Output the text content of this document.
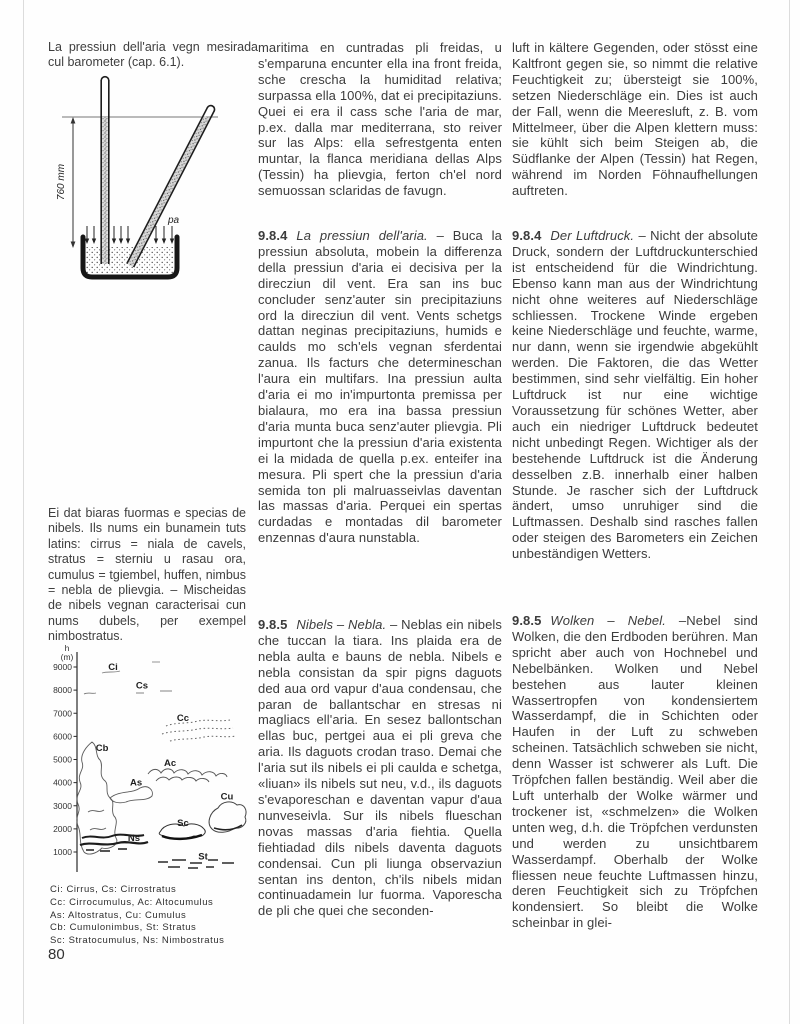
La pressiun dell'aria vegn mesirada cul barometer (cap. 6.1).
760 mm
pa
Ei dat biaras fuormas e specias de nibels. Ils nums ein bunamein tuts latins: cirrus = niala de cavels, stratus = sterniu u rasau ora, cumulus = tgiembel, huffen, nimbus = nebla de plievgia. – Mischeidas de nibels vegnan caracterisai cun nums dubels, per exempel nimbostratus.
h
(m)
1000
2000
3000
4000
5000
6000
7000
8000
9000	Ci
Cs
Cc
Cb
Ac
As
Cu
Sc
Ns
St
Ci: Cirrus, Cs: Cirrostratus
Cc: Cirrocumulus, Ac: Altocumulus
As: Altostratus, Cu: Cumulus
Cb: Cumulonimbus, St: Stratus
Sc: Stratocumulus, Ns: Nimbostratus
80
maritima en cuntradas pli freidas, u s'emparuna encunter ella ina front freida, sche crescha la humiditad relativa; surpassa ella 100%, dat ei precipitaziuns. Quei ei era il cass sche l'aria de mar, p.ex. dalla mar mediterrana, sto reiver sur las Alps: ella sefrestgenta enten muntar, la flanca meridiana dellas Alps (Tessin) ha plievgia, ferton ch'el nord semuossan sclaridas de favugn.
9.8.4 La pressiun dell'aria. – Buca la pressiun absoluta, mobein la differenza della pressiun d'aria ei decisiva per la direcziun dil vent. Era san ins buc concluder senz'auter sin precipitaziuns ord la direcziun dil vent. Vents schetgs dattan neginas precipitaziuns, humids e caulds mo sch'els vegnan sferdentai zanua. Ils facturs che determineschan l'aura ein multifars. Ina pressiun aulta d'aria ei mo in'impurtonta premissa per bialaura, mo era ina bassa pressiun d'aria munta buca senz'auter plievgia. Pli impurtont che la pressiun d'aria existenta ei la midada de quella p.ex. enteifer ina mesura. Pli spert che la pressiun d'aria semida ton pli malruasseivlas daventan las massas d'aria. Perquei ein spertas curdadas e montadas dil barometer enzennas d'aura nunstabla.
9.8.5 Nibels – Nebla. – Neblas ein nibels che tuccan la tiara. Ins plaida era de nebla aulta e bauns de nebla. Nibels e nebla consistan da spir pigns daguots ded aua ord vapur d'aua condensau, che paran de ballantschar en stresas ni magliacs ell'aria. En sesez ballontschan ellas buc, pertgei aua ei pli greva che aria. Ils daguots crodan traso. Demai che l'aria sut ils nibels ei pli caulda e schetga, «liuan» ils nibels sut neu, v.d., ils daguots s'evaporeschan e daventan vapur d'aua nunveseivla. Sur ils nibels flueschan novas massas d'aria fiehtia. Quella fiehtiadad dils nibels daventa daguots condensai. Cun pli liunga observaziun sentan ins denton, ch'ils nibels midan continuadamein lur fuorma. Vaporescha de pli che quei che seconden-
luft in kältere Gegenden, oder stösst eine Kaltfront gegen sie, so nimmt die relative Feuchtigkeit zu; übersteigt sie 100%, setzen Niederschläge ein. Dies ist auch der Fall, wenn die Meeresluft, z. B. vom Mittelmeer, über die Alpen klettern muss: sie kühlt sich beim Steigen ab, die Südflanke der Alpen (Tessin) hat Regen, während im Norden Föhnaufhellungen auftreten.
9.8.4 Der Luftdruck. – Nicht der absolute Druck, sondern der Luftdruckunterschied ist entscheidend für die Windrichtung. Ebenso kann man aus der Windrichtung nicht ohne weiteres auf Niederschläge schliessen. Trockene Winde ergeben keine Niederschläge und feuchte, warme, nur dann, wenn sie irgendwie abgekühlt werden. Die Faktoren, die das Wetter bestimmen, sind sehr vielfältig. Ein hoher Luftdruck ist nur eine wichtige Voraussetzung für schönes Wetter, aber auch ein niedriger Luftdruck bedeutet nicht unbedingt Regen. Wichtiger als der bestehende Luftdruck ist die Änderung desselben z.B. innerhalb einer halben Stunde. Je rascher sich der Luftdruck ändert, umso unruhiger sind die Luftmassen. Deshalb sind rasches fallen oder steigen des Barometers ein Zeichen unbeständigen Wetters.
9.8.5 Wolken – Nebel. –Nebel sind Wolken, die den Erdboden berühren. Man spricht aber auch von Hochnebel und Nebelbänken. Wolken und Nebel bestehen aus lauter kleinen Wassertropfen von kondensiertem Wasserdampf, die in Schichten oder Haufen in der Luft zu schweben scheinen. Tatsächlich schweben sie nicht, denn Wasser ist schwerer als Luft. Die Tröpfchen fallen beständig. Weil aber die Luft unterhalb der Wolke wärmer und trockener ist, «schmelzen» die Wolken unten weg, d.h. die Tröpfchen verdunsten und werden zu unsichtbarem Wasserdampf. Oberhalb der Wolke fliessen neue feuchte Luftmassen hinzu, deren Feuchtigkeit sich zu Tröpfchen kondensiert. So bleibt die Wolke scheinbar in glei-
